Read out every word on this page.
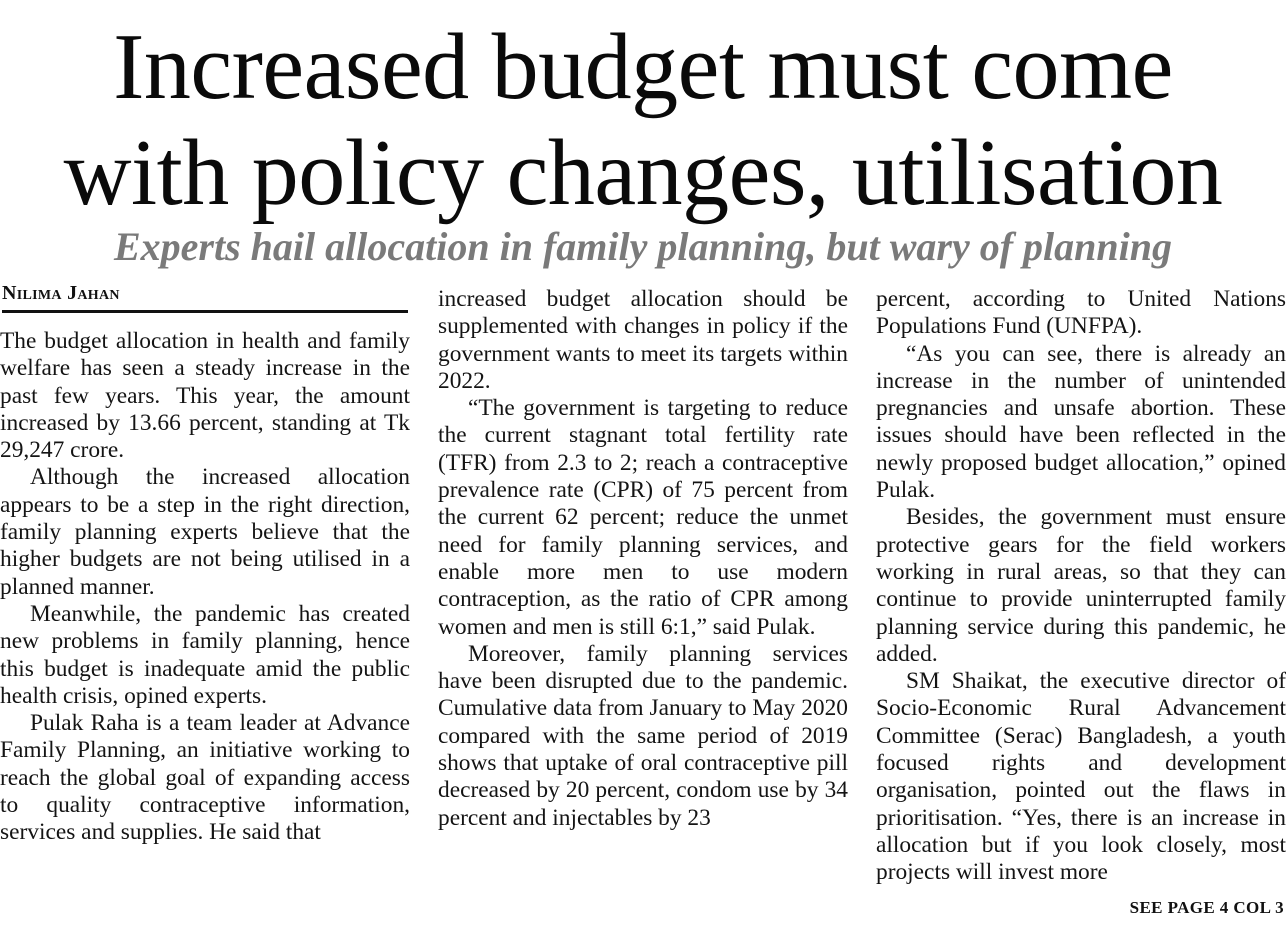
Increased budget must come
with policy changes, utilisation
Experts hail allocation in family planning, but wary of planning
Nilima Jahan

The budget allocation in health and family welfare has seen a steady increase in the past few years. This year, the amount increased by 13.66 percent, standing at Tk 29,247 crore.

Although the increased allocation appears to be a step in the right direction, family planning experts believe that the higher budgets are not being utilised in a planned manner.

Meanwhile, the pandemic has created new problems in family planning, hence this budget is inadequate amid the public health crisis, opined experts.

Pulak Raha is a team leader at Advance Family Planning, an initiative working to reach the global goal of expanding access to quality contraceptive information, services and supplies. He said that

increased budget allocation should be supplemented with changes in policy if the government wants to meet its targets within 2022.

“The government is targeting to reduce the current stagnant total fertility rate (TFR) from 2.3 to 2; reach a contraceptive prevalence rate (CPR) of 75 percent from the current 62 percent; reduce the unmet need for family planning services, and enable more men to use modern contraception, as the ratio of CPR among women and men is still 6:1,” said Pulak.

Moreover, family planning services have been disrupted due to the pandemic. Cumulative data from January to May 2020 compared with the same period of 2019 shows that uptake of oral contraceptive pill decreased by 20 percent, condom use by 34 percent and injectables by 23

percent, according to United Nations Populations Fund (UNFPA).

“As you can see, there is already an increase in the number of unintended pregnancies and unsafe abortion. These issues should have been reflected in the newly proposed budget allocation,” opined Pulak.

Besides, the government must ensure protective gears for the field workers working in rural areas, so that they can continue to provide uninterrupted family planning service during this pandemic, he added.

SM Shaikat, the executive director of Socio-Economic Rural Advancement Committee (Serac) Bangladesh, a youth focused rights and development organisation, pointed out the flaws in prioritisation. “Yes, there is an increase in allocation but if you look closely, most projects will invest more

SEE PAGE 4 COL 3
